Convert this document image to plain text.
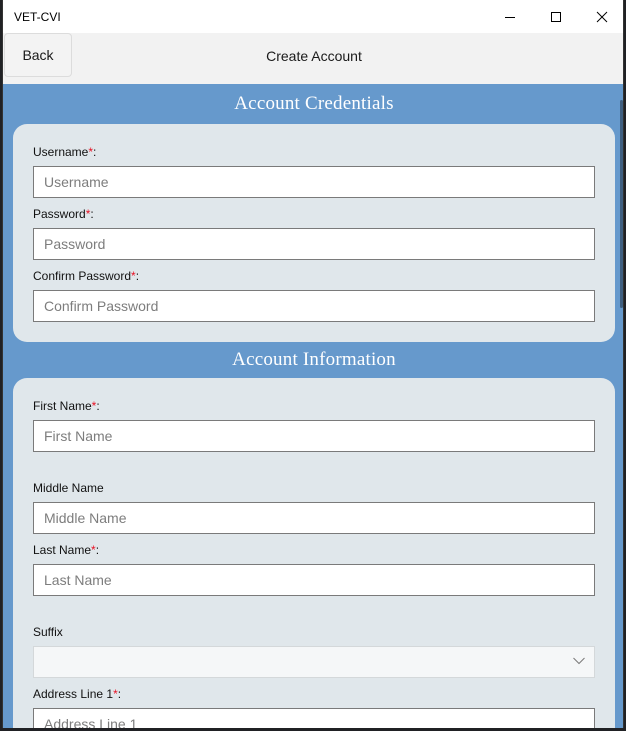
VET-CVI
Create Account
Back
Account Credentials
Username*:
Username
Password*:
Confirm Password*:
Account Information
First Name*:
First Name
Middle Name
Middle Name
Last Name*:
Last Name
Suffix
Address Line 1*:
Address Line 1
